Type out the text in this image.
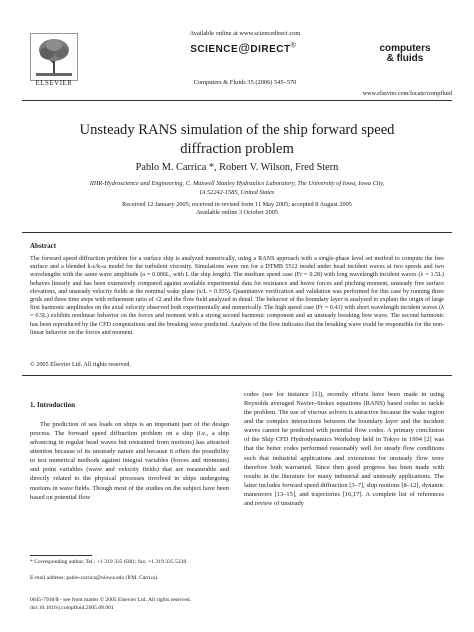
ELSEVIER
Available online at www.sciencedirect.com
SCIENCE@DIRECT®
Computers & Fluids 35 (2006) 545–570
computers
& fluids
www.elsevier.com/locate/compfluid
Unsteady RANS simulation of the ship forward speed
diffraction problem
Pablo M. Carrica *, Robert V. Wilson, Fred Stern
IIHR-Hydroscience and Engineering, C. Maxwell Stanley Hydraulics Laboratory, The University of Iowa, Iowa City,
IA 52242-1585, United States
Received 12 January 2005; received in revised form 11 May 2005; accepted 8 August 2005
Available online 3 October 2005
Abstract

The forward speed diffraction problem for a surface ship is analyzed numerically, using a RANS approach with a single-phase level set method to compute the free surface and a blended k-ε/k-ω model for the turbulent viscosity. Simulations were run for a DTMB 5512 model under head incident waves at two speeds and two wavelengths with the same wave amplitude (a = 0.006L, with L the ship length). The medium speed case (Fr = 0.28) with long wavelength incident waves (λ = 1.5L) behaves linearly and has been extensively compared against available experimental data for resistance and heave forces and pitching moment, unsteady free surface elevations, and unsteady velocity fields at the nominal wake plane (x/L = 0.935). Quantitative verification and validation was performed for this case by running three grids and three time steps with refinement ratio of √2 and the flow field analyzed in detail. The behavior of the boundary layer is analyzed to explain the origin of large first harmonic amplitudes on the axial velocity observed both experimentally and numerically. The high speed case (Fr = 0.41) with short wavelength incident waves (λ = 0.5L) exhibits nonlinear behavior on the forces and moment with a strong second harmonic component and an unsteady breaking bow wave. The second harmonic has been reproduced by the CFD computations and the breaking wave predicted. Analysis of the flow indicates that the breaking wave could be responsible for the non-linear behavior on the forces and moment.

© 2005 Elsevier Ltd. All rights reserved.
1. Introduction

The prediction of sea loads on ships is an important part of the design process. The forward speed diffraction problem on a ship (i.e., a ship advancing in regular head waves but restrained from motions) has attracted attention because of its unsteady nature and because it offers the possibility to test numerical methods against integral variables (forces and moments) and point variables (wave and velocity fields) that are measurable and directly related to the physical processes involved in ships undergoing motions in wave fields. Though most of the studies on the subject have been based on potential flow

codes (see for instance [1]), recently efforts have been made in using Reynolds averaged Navier–Stokes equations (RANS) based codes to tackle the problem. The use of viscous solvers is attractive because the wake region and the complex interactions between the boundary layer and the incident waves cannot be predicted with potential flow codes. A primary conclusion of the Ship CFD Hydrodynamics Workshop held in Tokyo in 1994 [2] was that the better codes performed reasonably well for steady flow conditions such that industrial applications and extensions for unsteady flow were therefore both warranted. Since then good progress has been made with results in the literature for many industrial and unsteady applications. The latter includes forward speed diffraction [3–7], ship motions [8–12], dynamic maneuvers [13–15], and trajectories [16,17]. A complete list of references and review of unsteady

* Corresponding author. Tel.: +1 319 335 6381; fax: +1 319 335 5238.
E-mail address: pablo-carrica@uiowa.edu (P.M. Carrica).
0045-7930/$ - see front matter © 2005 Elsevier Ltd. All rights reserved.
doi:10.1016/j.compfluid.2005.08.001
